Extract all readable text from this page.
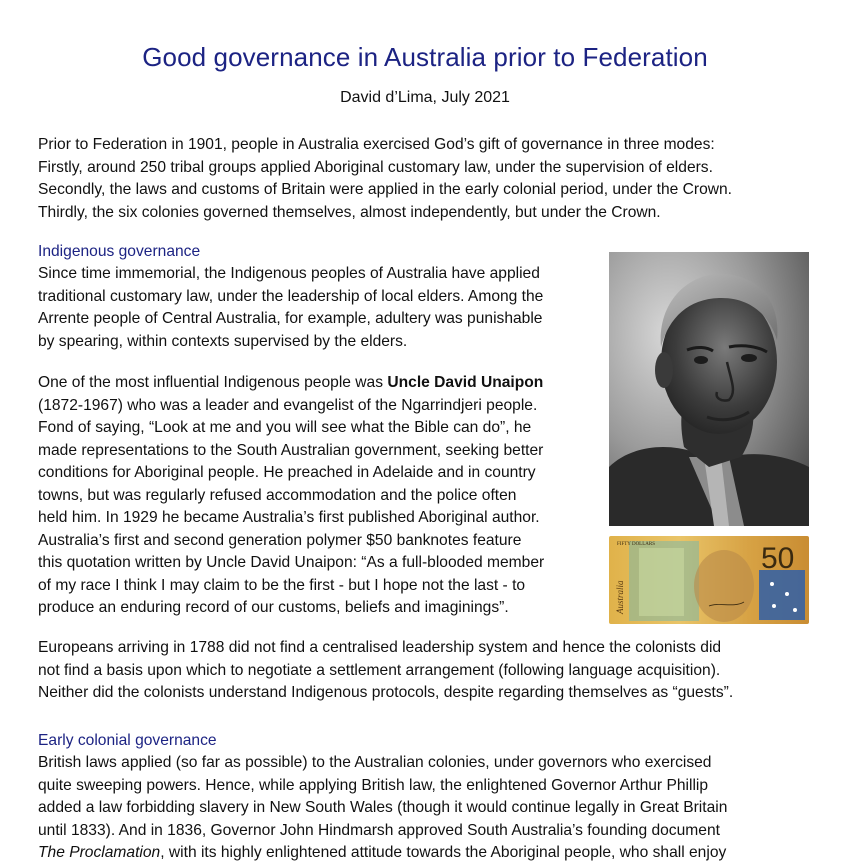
Good governance in Australia prior to Federation
David d’Lima, July 2021
Prior to Federation in 1901, people in Australia exercised God’s gift of governance in three modes:
Firstly, around 250 tribal groups applied Aboriginal customary law, under the supervision of elders.
Secondly, the laws and customs of Britain were applied in the early colonial period, under the Crown.
Thirdly, the six colonies governed themselves, almost independently, but under the Crown.
Indigenous governance
Since time immemorial, the Indigenous peoples of Australia have applied
traditional customary law, under the leadership of local elders. Among the
Arrente people of Central Australia, for example, adultery was punishable
by spearing, within contexts supervised by the elders.
One of the most influential Indigenous people was Uncle David Unaipon
(1872-1967) who was a leader and evangelist of the Ngarrindjeri people.
Fond of saying, “Look at me and you will see what the Bible can do”, he
made representations to the South Australian government, seeking better
conditions for Aboriginal people. He preached in Adelaide and in country
towns, but was regularly refused accommodation and the police often
held him. In 1929 he became Australia’s first published Aboriginal author.
Australia’s first and second generation polymer $50 banknotes feature
this quotation written by Uncle David Unaipon: “As a full-blooded member
of my race I think I may claim to be the first - but I hope not the last - to
produce an enduring record of our customs, beliefs and imaginings”.
50
FIFTY DOLLARS
Australia
Europeans arriving in 1788 did not find a centralised leadership system and hence the colonists did
not find a basis upon which to negotiate a settlement arrangement (following language acquisition).
Neither did the colonists understand Indigenous protocols, despite regarding themselves as “guests”.
Early colonial governance
British laws applied (so far as possible) to the Australian colonies, under governors who exercised
quite sweeping powers. Hence, while applying British law, the enlightened Governor Arthur Phillip
added a law forbidding slavery in New South Wales (though it would continue legally in Great Britain
until 1833). And in 1836, Governor John Hindmarsh approved South Australia’s founding document
The Proclamation, with its highly enlightened attitude towards the Aboriginal people, who shall enjoy
